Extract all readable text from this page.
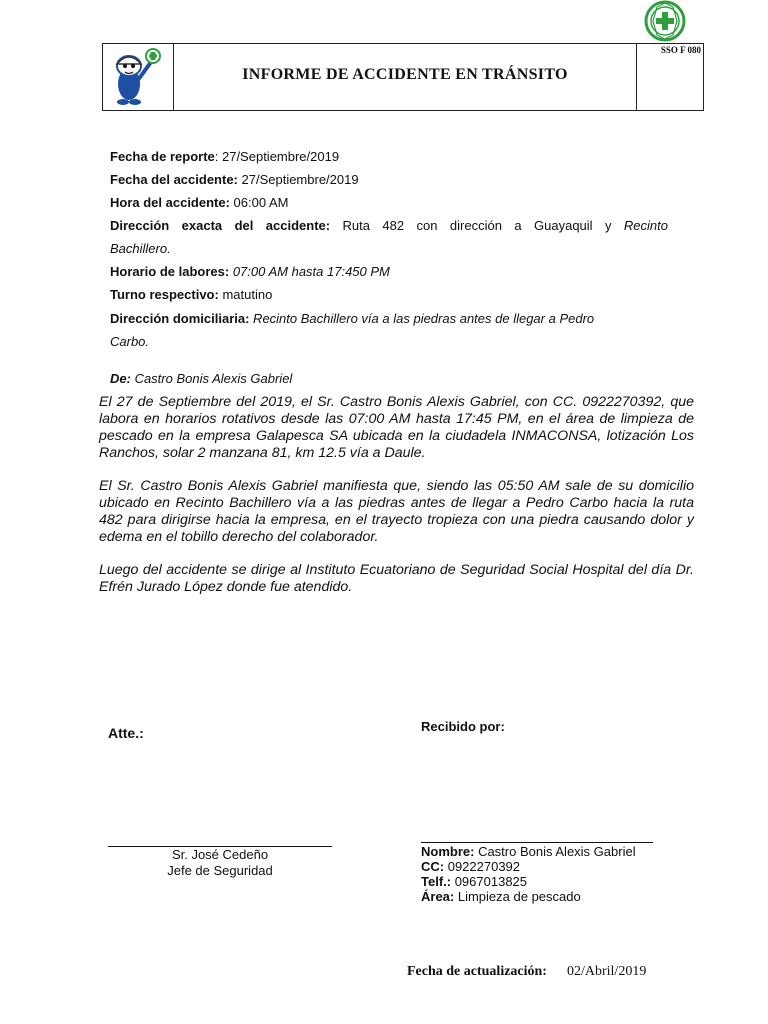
INFORME DE ACCIDENTE EN TRÁNSITO
SSO F 080
Fecha de reporte: 27/Septiembre/2019
Fecha del accidente: 27/Septiembre/2019
Hora del accidente: 06:00 AM
Dirección exacta del accidente: Ruta 482 con dirección a Guayaquil y Recinto
Bachillero.
Horario de labores: 07:00 AM hasta 17:450 PM
Turno respectivo: matutino
Dirección domiciliaria: Recinto Bachillero vía a las piedras antes de llegar a Pedro
Carbo.
De: Castro Bonis Alexis Gabriel
El 27 de Septiembre del 2019, el Sr. Castro Bonis Alexis Gabriel, con CC. 0922270392, que labora en horarios rotativos desde las 07:00 AM hasta 17:45 PM, en el área de limpieza de pescado en la empresa Galapesca SA ubicada en la ciudadela INMACONSA, lotización Los Ranchos, solar 2 manzana 81, km 12.5 vía a Daule.
El Sr. Castro Bonis Alexis Gabriel manifiesta que, siendo las 05:50 AM sale de su domicilio ubicado en Recinto Bachillero vía a las piedras antes de llegar a Pedro Carbo hacia la ruta 482 para dirigirse hacia la empresa, en el trayecto tropieza con una piedra causando dolor y edema en el tobillo derecho del colaborador.
Luego del accidente se dirige al Instituto Ecuatoriano de Seguridad Social Hospital del día Dr. Efrén Jurado López donde fue atendido.
Atte.:	Recibido por:
Sr. José Cedeño
Jefe de Seguridad
Nombre: Castro Bonis Alexis Gabriel
CC: 0922270392
Telf.: 0967013825
Área: Limpieza de pescado
Fecha de actualización: 02/Abril/2019
